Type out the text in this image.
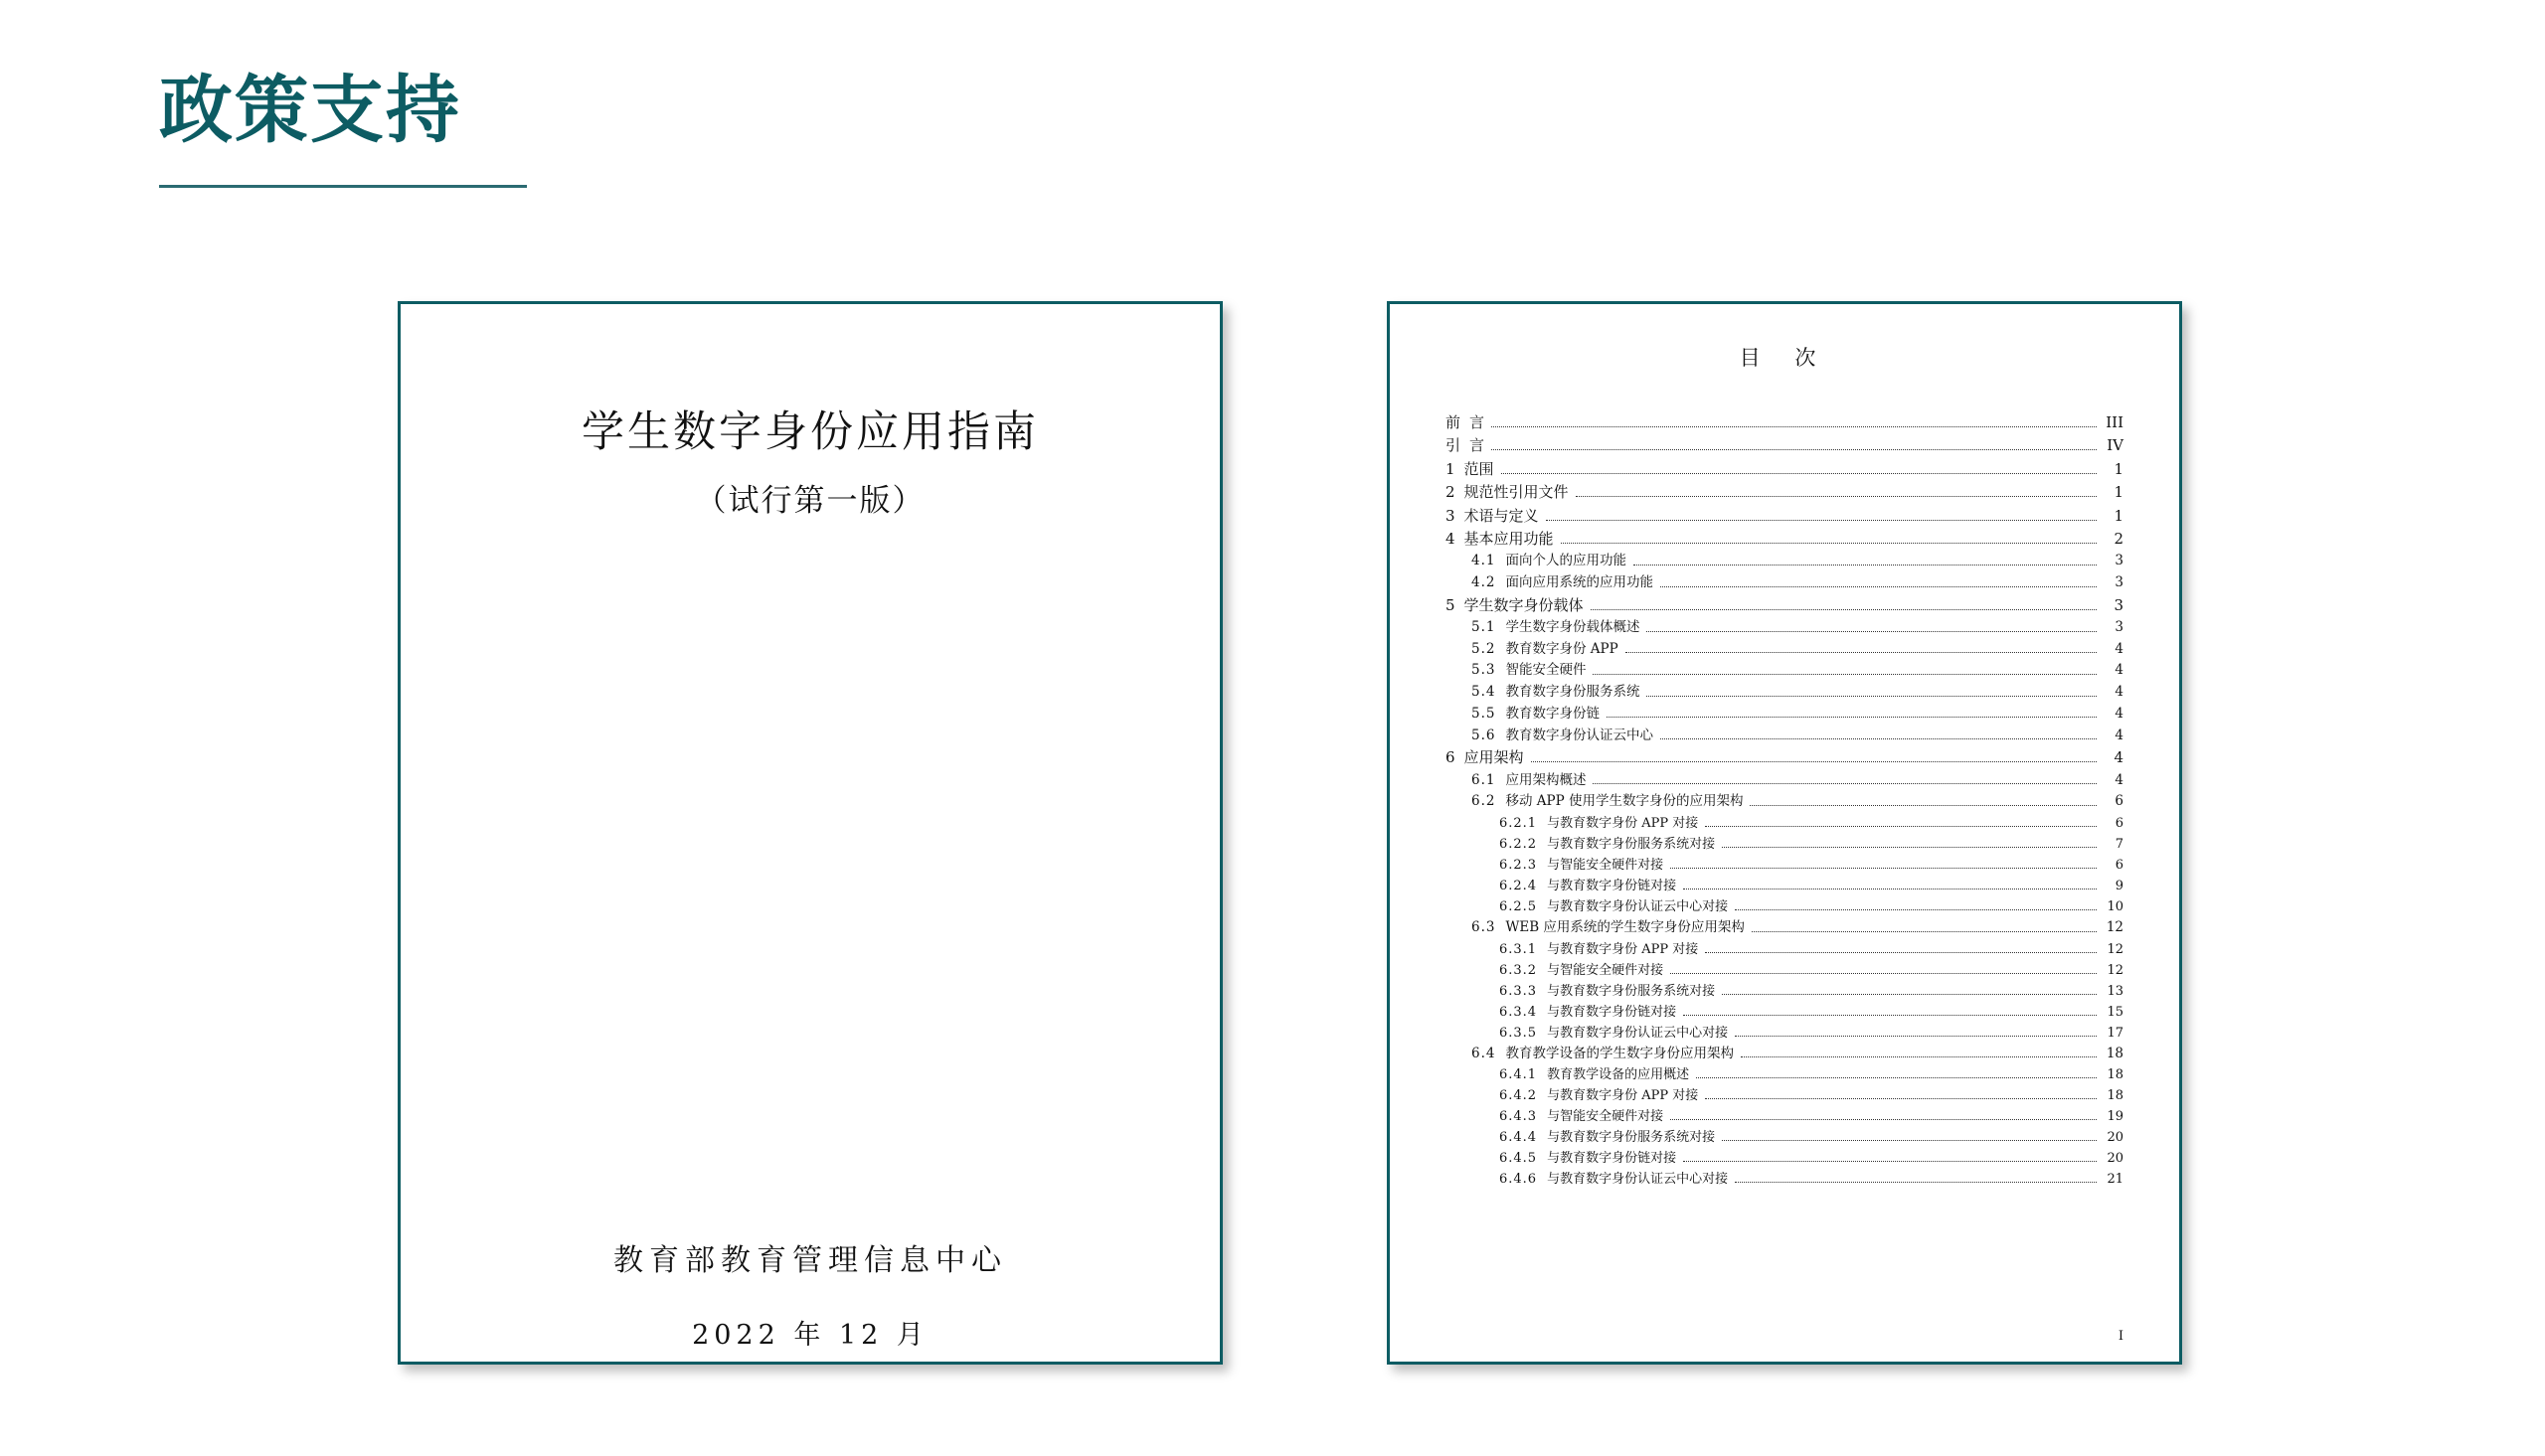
政策支持
学生数字身份应用指南
（试行第一版）
教育部教育管理信息中心
2022 年 12 月
目 次
前 言	III
引 言	IV
1 范围	1
2 规范性引用文件	1
3 术语与定义	1
4 基本应用功能	2
4.1 面向个人的应用功能	3
4.2 面向应用系统的应用功能	3
5 学生数字身份载体	3
5.1 学生数字身份载体概述	3
5.2 教育数字身份 APP	4
5.3 智能安全硬件	4
5.4 教育数字身份服务系统	4
5.5 教育数字身份链	4
5.6 教育数字身份认证云中心	4
6 应用架构	4
6.1 应用架构概述	4
6.2 移动 APP 使用学生数字身份的应用架构	6
6.2.1 与教育数字身份 APP 对接	6
6.2.2 与教育数字身份服务系统对接	7
6.2.3 与智能安全硬件对接	6
6.2.4 与教育数字身份链对接	9
6.2.5 与教育数字身份认证云中心对接	10
6.3 WEB 应用系统的学生数字身份应用架构	12
6.3.1 与教育数字身份 APP 对接	12
6.3.2 与智能安全硬件对接	12
6.3.3 与教育数字身份服务系统对接	13
6.3.4 与教育数字身份链对接	15
6.3.5 与教育数字身份认证云中心对接	17
6.4 教育教学设备的学生数字身份应用架构	18
6.4.1 教育教学设备的应用概述	18
6.4.2 与教育数字身份 APP 对接	18
6.4.3 与智能安全硬件对接	19
6.4.4 与教育数字身份服务系统对接	20
6.4.5 与教育数字身份链对接	20
6.4.6 与教育数字身份认证云中心对接	21
I
